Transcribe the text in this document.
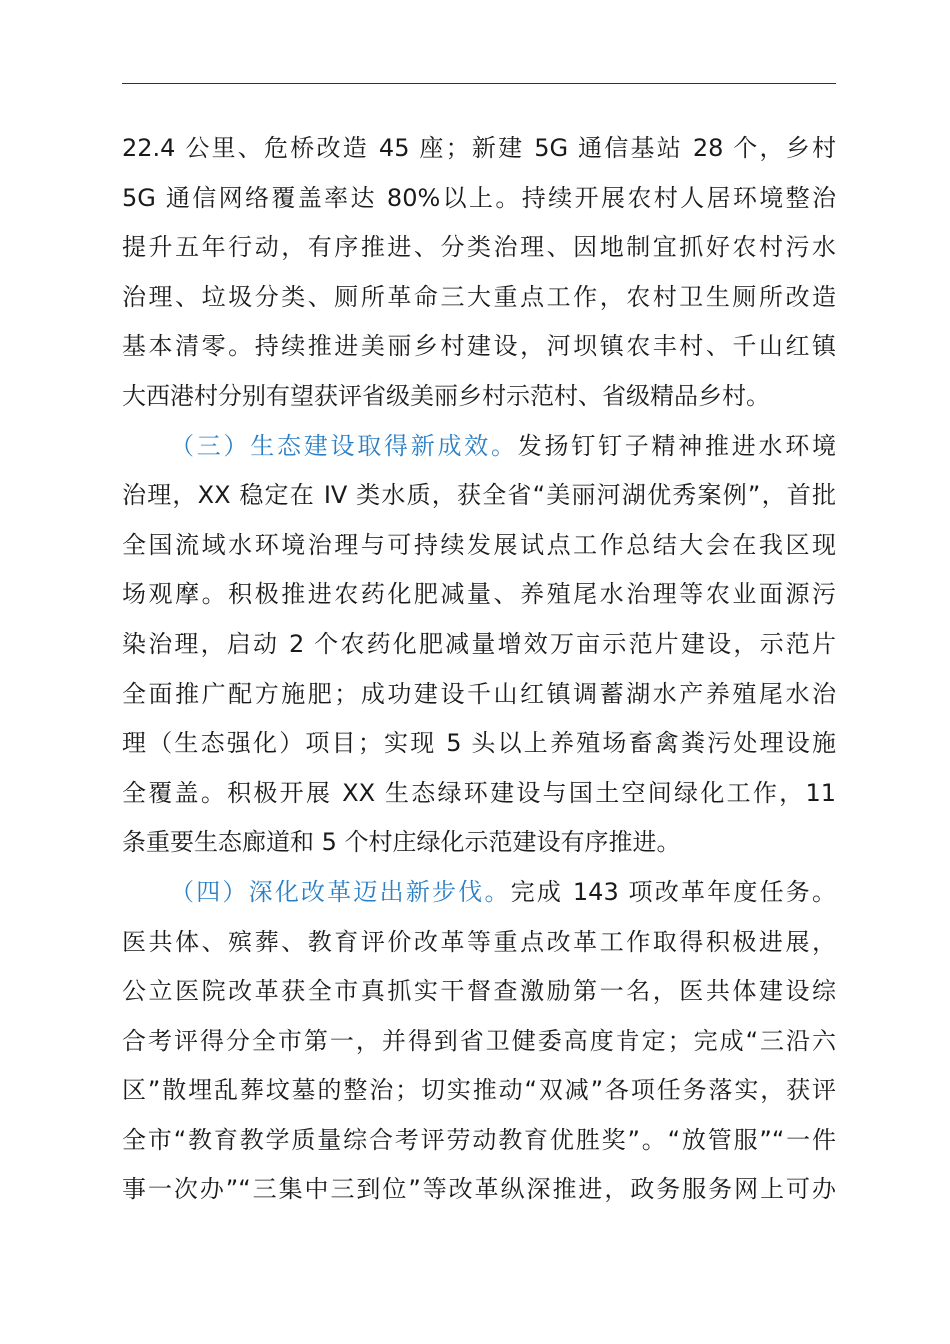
22.4 公里、危桥改造 45 座；新建 5G 通信基站 28 个，乡村
5G 通信网络覆盖率达 80%以上。持续开展农村人居环境整治
提升五年行动，有序推进、分类治理、因地制宜抓好农村污水
治理、垃圾分类、厕所革命三大重点工作，农村卫生厕所改造
基本清零。持续推进美丽乡村建设，河坝镇农丰村、千山红镇
大西港村分别有望获评省级美丽乡村示范村、省级精品乡村。
（三）生态建设取得新成效。发扬钉钉子精神推进水环境
治理，XX 稳定在 IV 类水质，获全省“美丽河湖优秀案例”，首批
全国流域水环境治理与可持续发展试点工作总结大会在我区现
场观摩。积极推进农药化肥减量、养殖尾水治理等农业面源污
染治理，启动 2 个农药化肥减量增效万亩示范片建设，示范片
全面推广配方施肥；成功建设千山红镇调蓄湖水产养殖尾水治
理（生态强化）项目；实现 5 头以上养殖场畜禽粪污处理设施
全覆盖。积极开展 XX 生态绿环建设与国土空间绿化工作，11
条重要生态廊道和 5 个村庄绿化示范建设有序推进。
（四）深化改革迈出新步伐。完成 143 项改革年度任务。
医共体、殡葬、教育评价改革等重点改革工作取得积极进展，
公立医院改革获全市真抓实干督查激励第一名，医共体建设综
合考评得分全市第一，并得到省卫健委高度肯定；完成“三沿六
区”散埋乱葬坟墓的整治；切实推动“双减”各项任务落实，获评
全市“教育教学质量综合考评劳动教育优胜奖”。“放管服”“一件
事一次办”“三集中三到位”等改革纵深推进，政务服务网上可办
